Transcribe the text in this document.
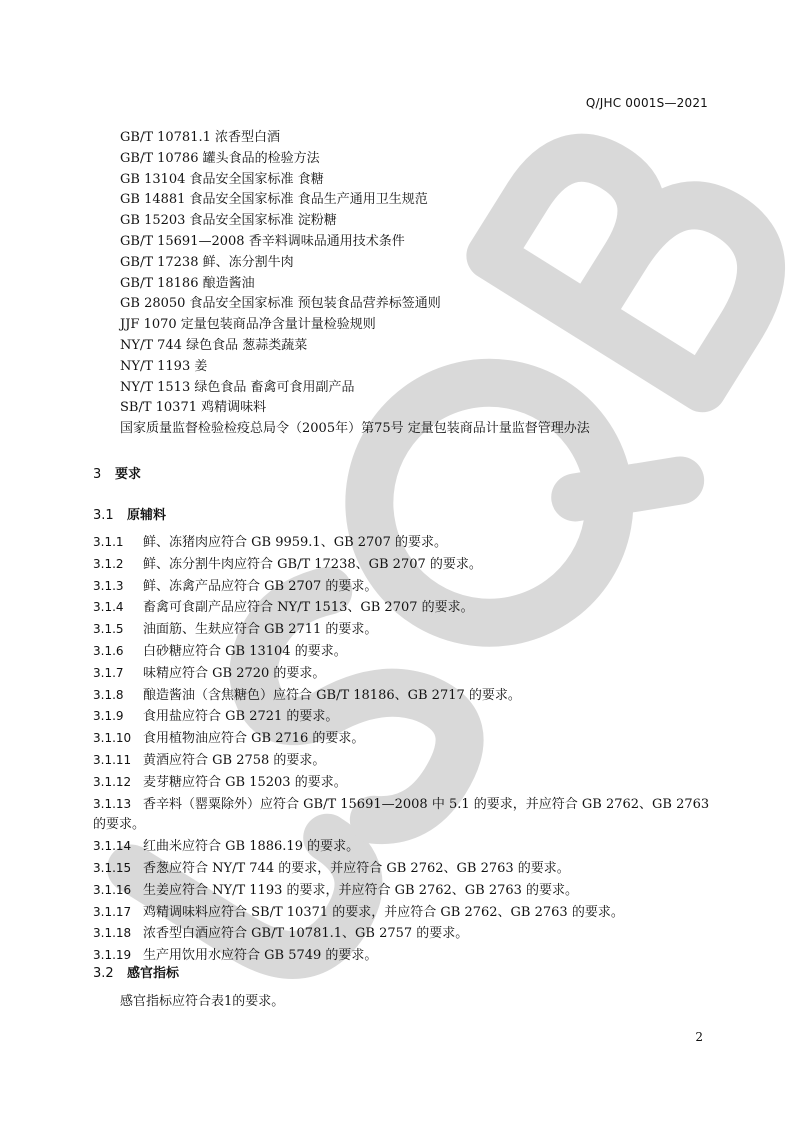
Q/JHC 0001S—2021
GB/T 10781.1 浓香型白酒
GB/T 10786 罐头食品的检验方法
GB 13104 食品安全国家标准 食糖
GB 14881 食品安全国家标准 食品生产通用卫生规范
GB 15203 食品安全国家标准 淀粉糖
GB/T 15691—2008 香辛料调味品通用技术条件
GB/T 17238 鲜、冻分割牛肉
GB/T 18186 酿造酱油
GB 28050 食品安全国家标准 预包装食品营养标签通则
JJF 1070 定量包装商品净含量计量检验规则
NY/T 744 绿色食品 葱蒜类蔬菜
NY/T 1193 姜
NY/T 1513 绿色食品 畜禽可食用副产品
SB/T 10371 鸡精调味料
国家质量监督检验检疫总局令（2005年）第75号 定量包装商品计量监督管理办法
3 要求
3.1 原辅料
3.1.1 鲜、冻猪肉应符合 GB 9959.1、GB 2707 的要求。
3.1.2 鲜、冻分割牛肉应符合 GB/T 17238、GB 2707 的要求。
3.1.3 鲜、冻禽产品应符合 GB 2707 的要求。
3.1.4 畜禽可食副产品应符合 NY/T 1513、GB 2707 的要求。
3.1.5 油面筋、生麸应符合 GB 2711 的要求。
3.1.6 白砂糖应符合 GB 13104 的要求。
3.1.7 味精应符合 GB 2720 的要求。
3.1.8 酿造酱油（含焦糖色）应符合 GB/T 18186、GB 2717 的要求。
3.1.9 食用盐应符合 GB 2721 的要求。
3.1.10 食用植物油应符合 GB 2716 的要求。
3.1.11 黄酒应符合 GB 2758 的要求。
3.1.12 麦芽糖应符合 GB 15203 的要求。
3.1.13 香辛料（罂粟除外）应符合 GB/T 15691—2008 中 5.1 的要求，并应符合 GB 2762、GB 2763
的要求。
3.1.14 红曲米应符合 GB 1886.19 的要求。
3.1.15 香葱应符合 NY/T 744 的要求，并应符合 GB 2762、GB 2763 的要求。
3.1.16 生姜应符合 NY/T 1193 的要求，并应符合 GB 2762、GB 2763 的要求。
3.1.17 鸡精调味料应符合 SB/T 10371 的要求，并应符合 GB 2762、GB 2763 的要求。
3.1.18 浓香型白酒应符合 GB/T 10781.1、GB 2757 的要求。
3.1.19 生产用饮用水应符合 GB 5749 的要求。
3.2 感官指标
感官指标应符合表1的要求。
2
